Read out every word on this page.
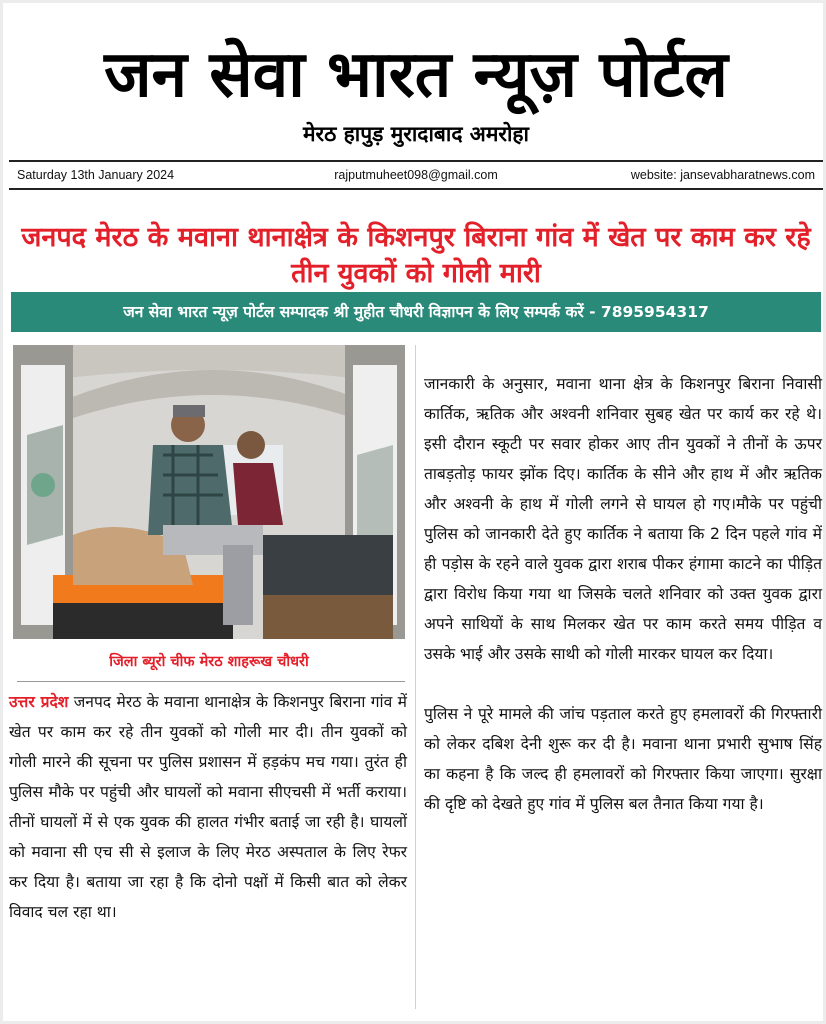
जन सेवा भारत न्यूज़ पोर्टल
मेरठ हापुड़ मुरादाबाद अमरोहा
Saturday 13th January 2024	rajputmuheet098@gmail.com	website: jansevabharatnews.com
जनपद मेरठ के मवाना थानाक्षेत्र के किशनपुर बिराना गांव में खेत पर काम कर रहे तीन युवकों को गोली मारी
जन सेवा भारत न्यूज़ पोर्टल सम्पादक श्री मुहीत चौधरी विज्ञापन के लिए सम्पर्क करें - 7895954317
जिला ब्यूरो चीफ मेरठ शाहरूख चौधरी

उत्तर प्रदेश जनपद मेरठ के मवाना थानाक्षेत्र के किशनपुर बिराना गांव में खेत पर काम कर रहे तीन युवकों को गोली मार दी। तीन युवकों को गोली मारने की सूचना पर पुलिस प्रशासन में हड़कंप मच गया। तुरंत ही पुलिस मौके पर पहुंची और घायलों को मवाना सीएचसी में भर्ती कराया। तीनों घायलों में से एक युवक की हालत गंभीर बताई जा रही है। घायलों को मवाना सी एच सी से इलाज के लिए मेरठ अस्पताल के लिए रेफर कर दिया है। बताया जा रहा है कि दोनो पक्षों में किसी बात को लेकर विवाद चल रहा था।

जानकारी के अनुसार, मवाना थाना क्षेत्र के किशनपुर बिराना निवासी कार्तिक, ऋतिक और अश्वनी शनिवार सुबह खेत पर कार्य कर रहे थे। इसी दौरान स्कूटी पर सवार होकर आए तीन युवकों ने तीनों के ऊपर ताबड़तोड़ फायर झोंक दिए। कार्तिक के सीने और हाथ में और ऋतिक और अश्वनी के हाथ में गोली लगने से घायल हो गए।मौके पर पहुंची पुलिस को जानकारी देते हुए कार्तिक ने बताया कि 2 दिन पहले गांव में ही पड़ोस के रहने वाले युवक द्वारा शराब पीकर हंगामा काटने का पीड़ित द्वारा विरोध किया गया था जिसके चलते शनिवार को उक्त युवक द्वारा अपने साथियों के साथ मिलकर खेत पर काम करते समय पीड़ित व उसके भाई और उसके साथी को गोली मारकर घायल कर दिया।

पुलिस ने पूरे मामले की जांच पड़ताल करते हुए हमलावरों की गिरफ्तारी को लेकर दबिश देनी शुरू कर दी है। मवाना थाना प्रभारी सुभाष सिंह का कहना है कि जल्द ही हमलावरों को गिरफ्तार किया जाएगा। सुरक्षा की दृष्टि को देखते हुए गांव में पुलिस बल तैनात किया गया है।
